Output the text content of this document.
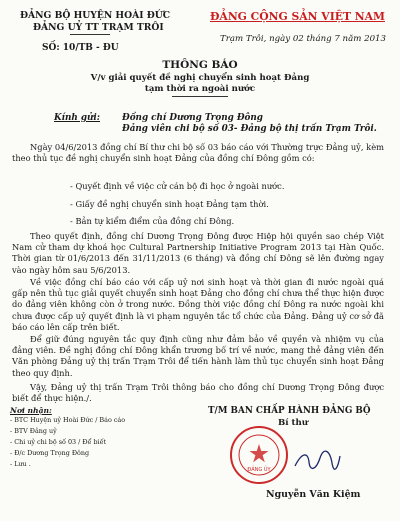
ĐẢNG BỘ HUYỆN HOÀI ĐỨC
ĐẢNG UỶ TT TRẠM TRÔI
SỐ: 10/TB - ĐU
ĐẢNG CỘNG SẢN VIỆT NAM
Trạm Trôi, ngày 02 tháng 7 năm 2013
THÔNG BÁO
V/v giải quyết đề nghị chuyển sinh hoạt Đảng
tạm thời ra ngoài nước
Kính gửi:	Đồng chí Dương Trọng Đông
Đảng viên chi bộ số 03- Đảng bộ thị trấn Trạm Trôi.
Ngày 04/6/2013 đồng chí Bí thư chi bộ số 03 báo cáo với Thường trực Đảng uỷ, kèm theo thủ tục đề nghị chuyển sinh hoạt Đảng của đồng chí Đông gồm có:
- Quyết định về việc cử cán bộ đi học ở ngoài nước.
- Giấy đề nghị chuyển sinh hoạt Đảng tạm thời.
- Bản tự kiểm điểm của đồng chí Đông.
Theo quyết định, đồng chí Dương Trọng Đông được Hiệp hội quyền sao chép Việt Nam cử tham dự khoá học Cultural Partnership Initiative Program 2013 tại Hàn Quốc. Thời gian từ 01/6/2013 đến 31/11/2013 (6 tháng) và đồng chí Đông sẽ lên đường ngay vào ngày hôm sau 5/6/2013.
Về việc đồng chí báo cáo với cấp uỷ nơi sinh hoạt và thời gian đi nước ngoài quá gấp nên thủ tục giải quyết chuyển sinh hoạt Đảng cho đồng chí chưa thể thực hiện được do đảng viên không còn ở trong nước. Đồng thời việc đồng chí Đông ra nước ngoài khi chưa được cấp uỷ quyết định là vi phạm nguyên tắc tổ chức của Đảng. Đảng uỷ cơ sở đã báo cáo lên cấp trên biết.
Để giữ đúng nguyên tắc quy định cũng như đảm bảo về quyền và nhiệm vụ của đảng viên. Đề nghị đồng chí Đông khẩn trương bố trí về nước, mang thẻ đảng viên đến Văn phòng Đảng uỷ thị trấn Trạm Trôi để tiến hành làm thủ tục chuyển sinh hoạt Đảng theo quy định.
Vậy, Đảng uỷ thị trấn Trạm Trôi thông báo cho đồng chí Dương Trọng Đông được biết để thực hiện./.
Nơi nhận:
- BTC Huyện uỷ Hoài Đức / Báo cáo
- BTV Đảng uỷ
- Chi uỷ chi bộ số 03 / Để biết
- Đ/c Dương Trọng Đông
- Lưu .
T/M BAN CHẤP HÀNH ĐẢNG BỘ
Bí thư
ĐẢNG ỦY
Nguyễn Văn Kiệm
